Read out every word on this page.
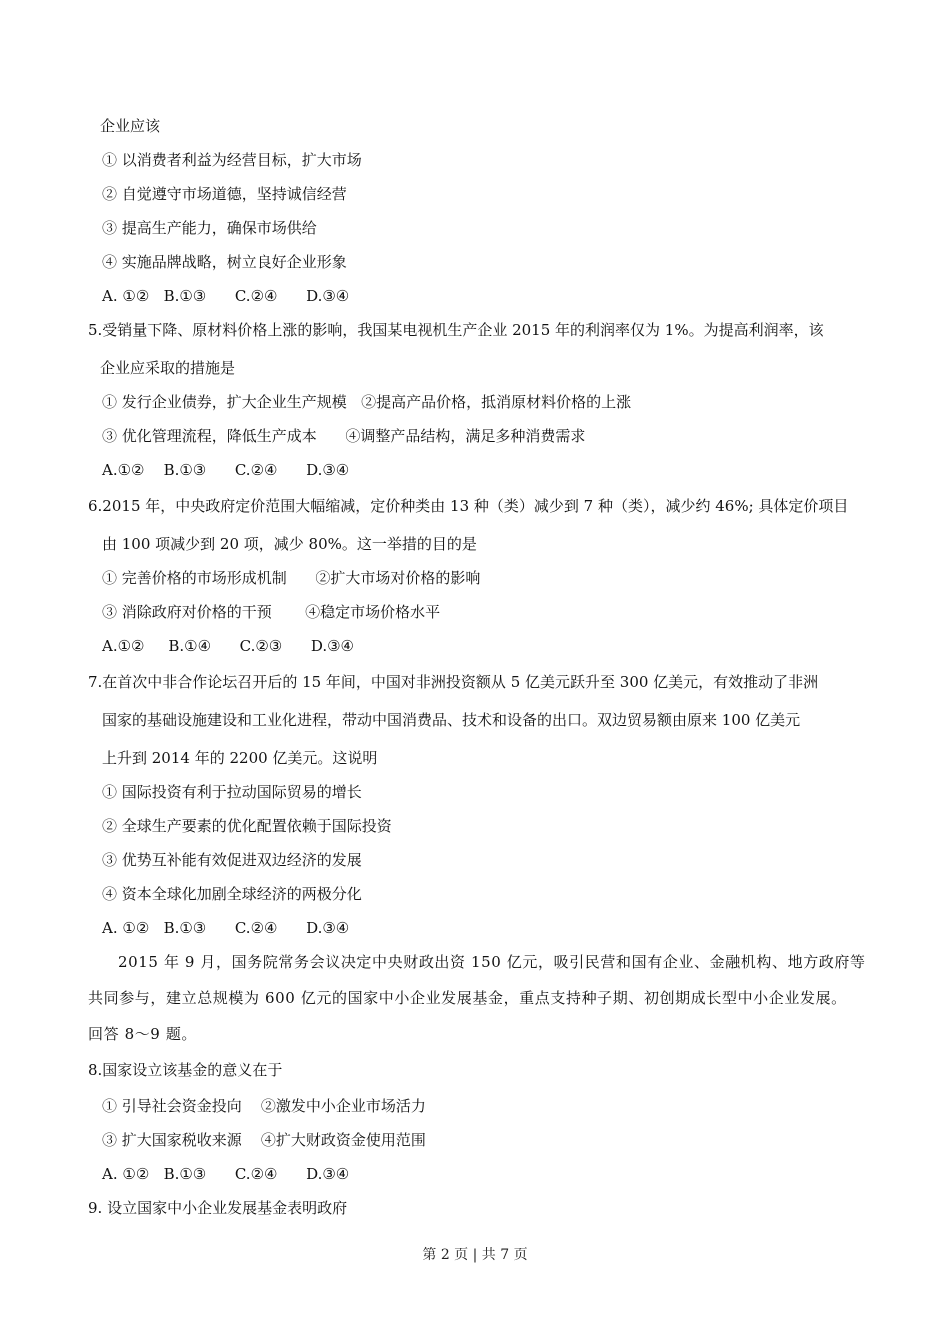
企业应该
① 以消费者利益为经营目标，扩大市场
② 自觉遵守市场道德，坚持诚信经营
③ 提高生产能力，确保市场供给
④ 实施品牌战略，树立良好企业形象
A. ①②   B.①③      C.②④      D.③④
5.受销量下降、原材料价格上涨的影响，我国某电视机生产企业 2015 年的利润率仅为 1%。为提高利润率，该
企业应采取的措施是
① 发行企业债券，扩大企业生产规模   ②提高产品价格，抵消原材料价格的上涨
③ 优化管理流程，降低生产成本      ④调整产品结构，满足多种消费需求
A.①②    B.①③      C.②④      D.③④
6.2015 年，中央政府定价范围大幅缩减，定价种类由 13 种（类）减少到 7 种（类），减少约 46%; 具体定价项目
由 100 项减少到 20 项，减少 80%。这一举措的目的是
① 完善价格的市场形成机制      ②扩大市场对价格的影响
③ 消除政府对价格的干预       ④稳定市场价格水平
A.①②     B.①④      C.②③      D.③④
7.在首次中非合作论坛召开后的 15 年间，中国对非洲投资额从 5 亿美元跃升至 300 亿美元，有效推动了非洲
国家的基础设施建设和工业化进程，带动中国消费品、技术和设备的出口。双边贸易额由原来 100 亿美元
上升到 2014 年的 2200 亿美元。这说明
① 国际投资有利于拉动国际贸易的增长
② 全球生产要素的优化配置依赖于国际投资
③ 优势互补能有效促进双边经济的发展
④ 资本全球化加剧全球经济的两极分化
A. ①②   B.①③      C.②④      D.③④
2015 年 9 月，国务院常务会议决定中央财政出资 150 亿元，吸引民营和国有企业、金融机构、地方政府等
共同参与，建立总规模为 600 亿元的国家中小企业发展基金，重点支持种子期、初创期成长型中小企业发展。
回答 8～9 题。
8.国家设立该基金的意义在于
① 引导社会资金投向    ②激发中小企业市场活力
③ 扩大国家税收来源    ④扩大财政资金使用范围
A. ①②   B.①③      C.②④      D.③④
9. 设立国家中小企业发展基金表明政府
第 2 页 | 共 7 页
